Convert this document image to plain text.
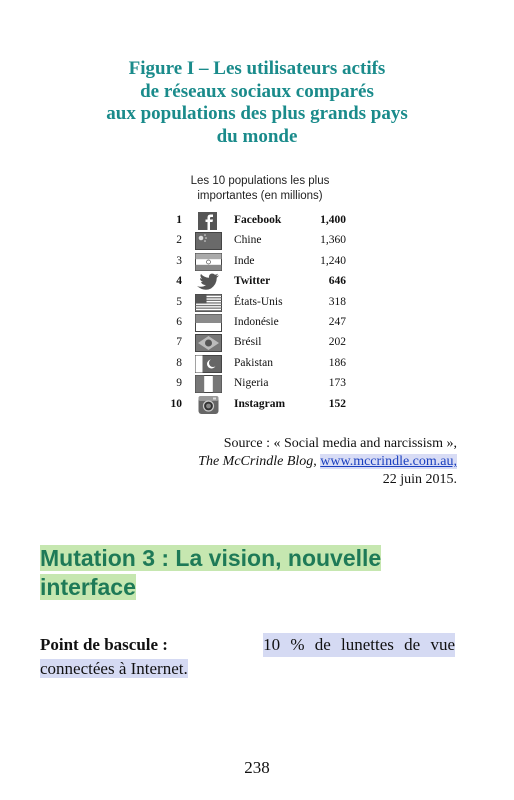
Figure I – Les utilisateurs actifs
de réseaux sociaux comparés
aux populations des plus grands pays
du monde
Les 10 populations les plus
importantes (en millions)
1	Facebook	1,400
2	Chine	1,360
3	Inde	1,240
4	Twitter	646
5	États-Unis	318
6	Indonésie	247
7	Brésil	202
8	Pakistan	186
9	Nigeria	173
10	Instagram	152
Source : « Social media and narcissism »,
The McCrindle Blog, www.mccrindle.com.au,
22 juin 2015.
Mutation 3 : La vision, nouvelle
interface
Point de bascule :	10 % de lunettes de vue
connectées à Internet.
238
